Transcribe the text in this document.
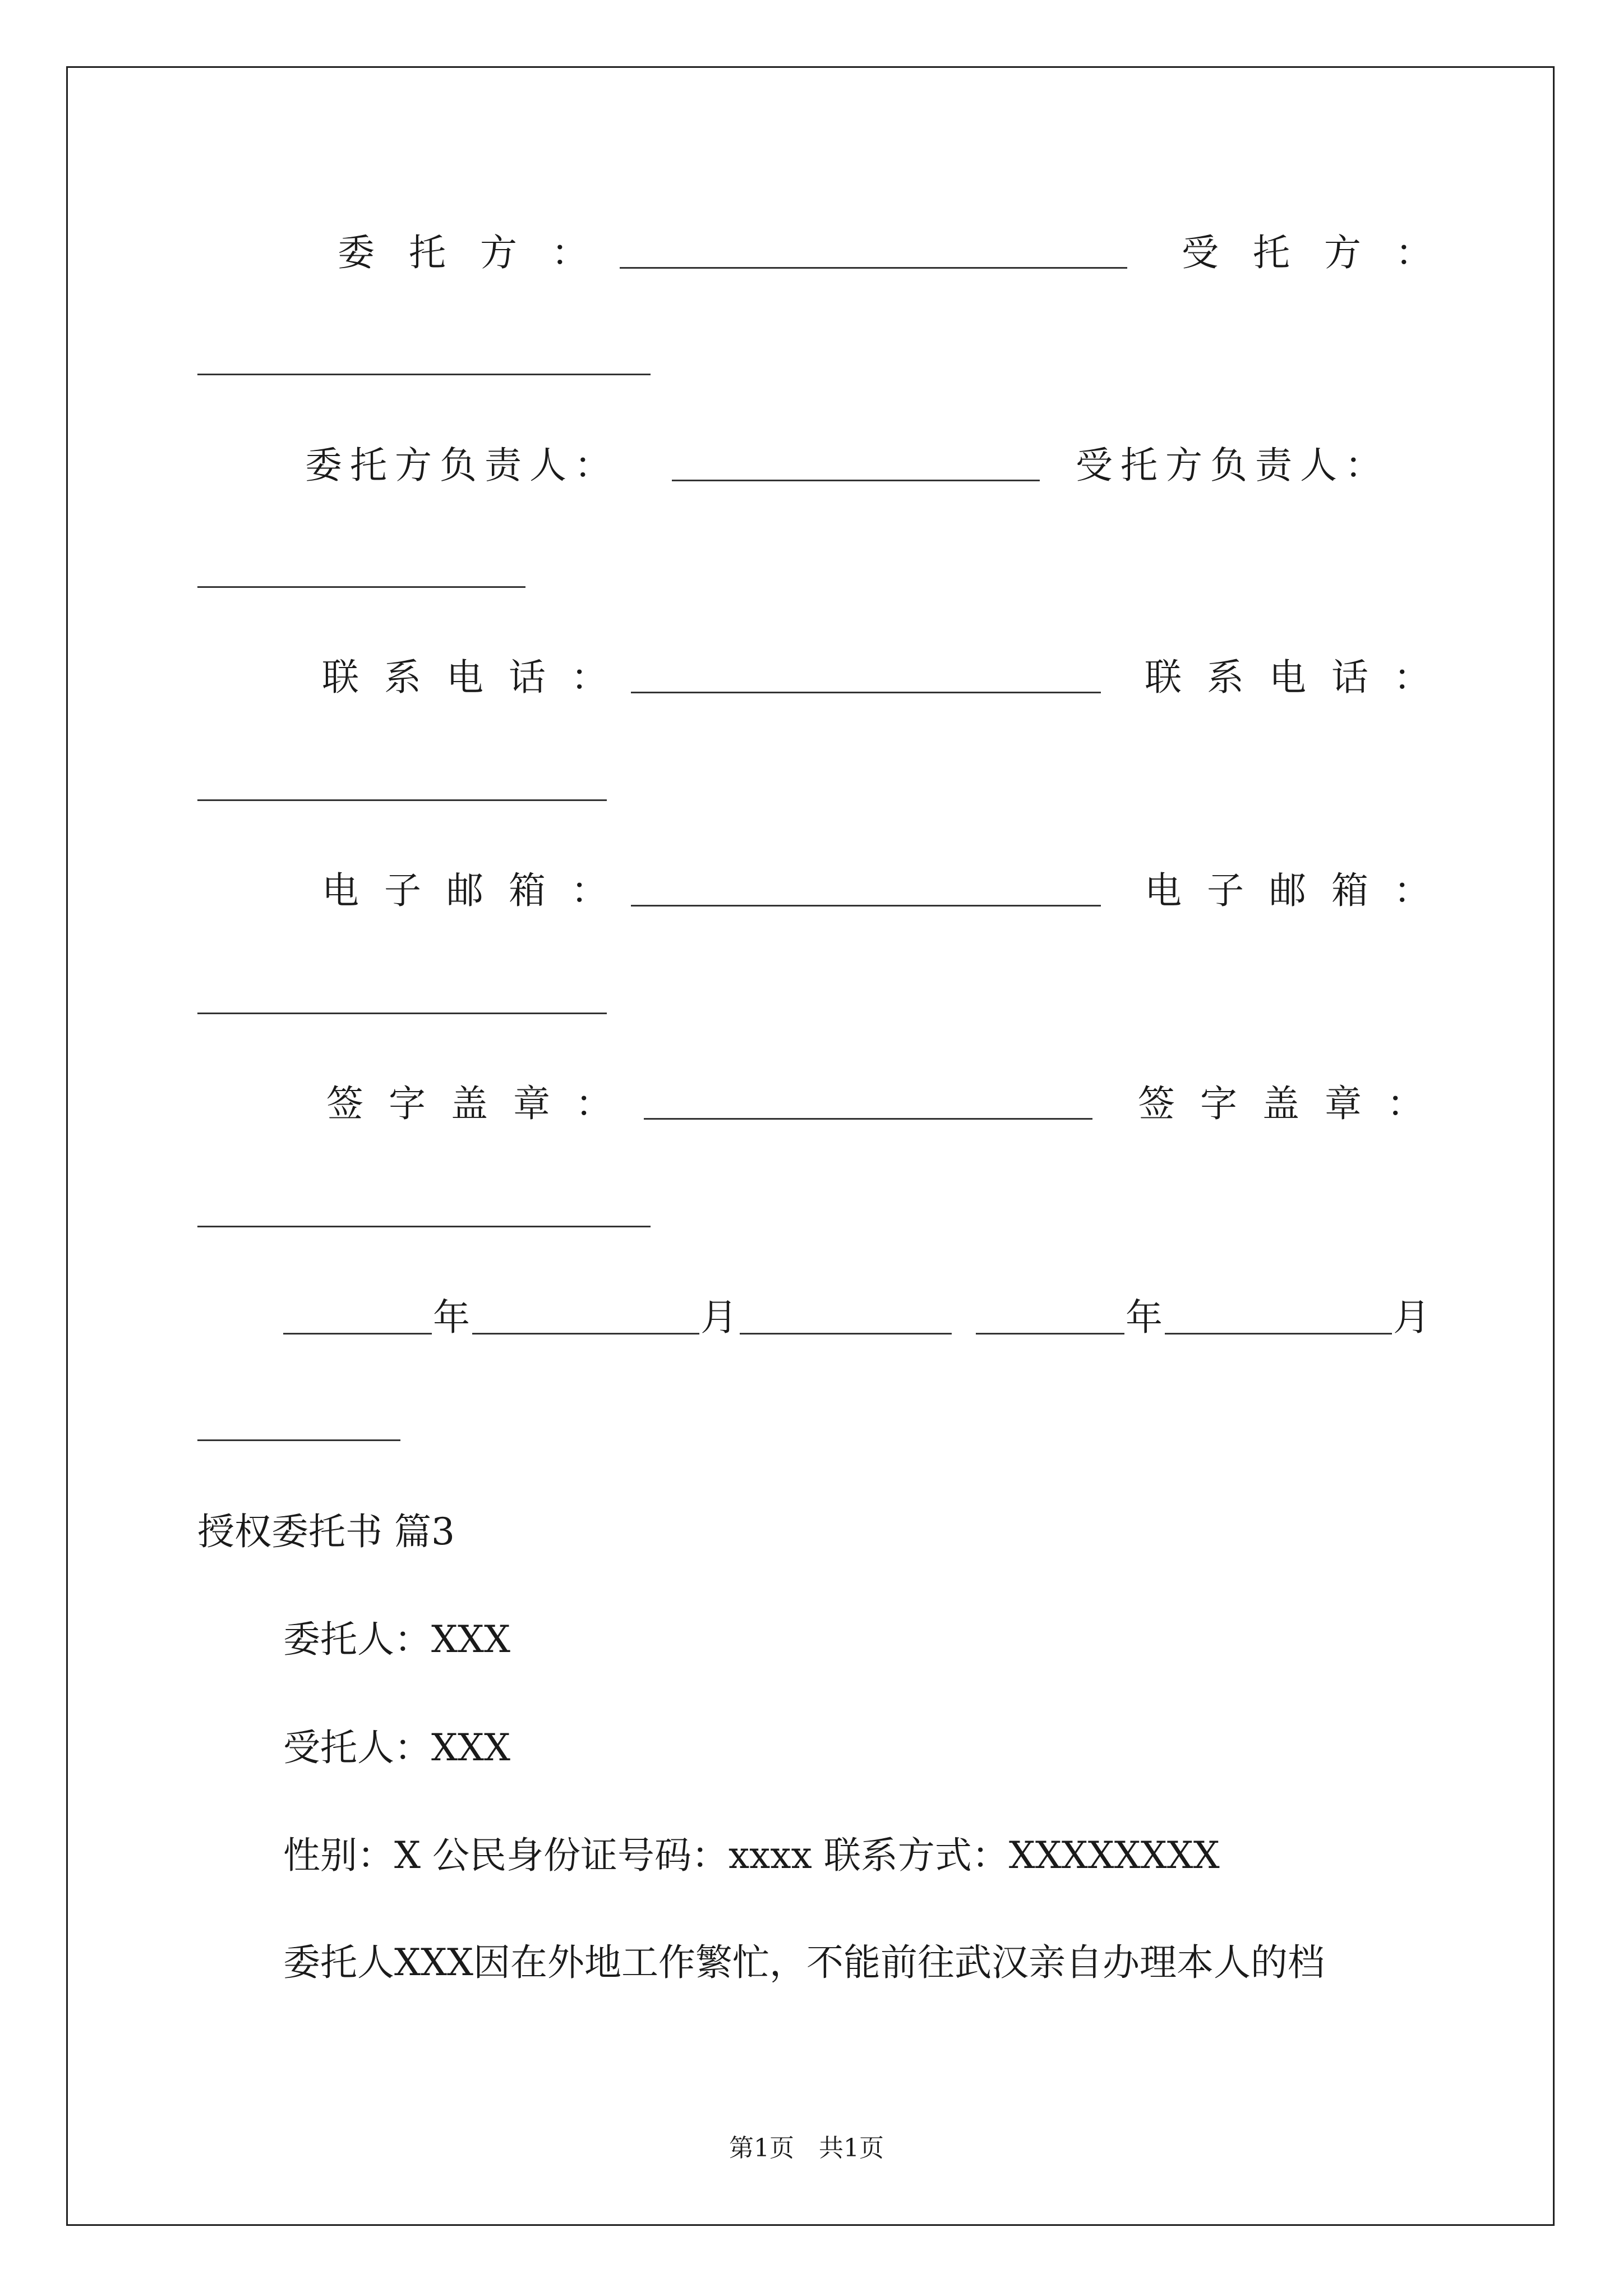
委 托 方 ：	受 托 方 ：
委托方负责人：	受托方负责人：
联 系 电 话 ：	联 系 电 话 ：
电 子 邮 箱 ：	电 子 邮 箱 ：
签 字 盖 章 ：	签 字 盖 章 ：
年	月	年	月
授权委托书 篇3
委托人：XXX
受托人：XXX
性别：X 公民身份证号码：xxxx 联系方式：XXXXXXXX
委托人XXX因在外地工作繁忙，不能前往武汉亲自办理本人的档
第1页　共1页
